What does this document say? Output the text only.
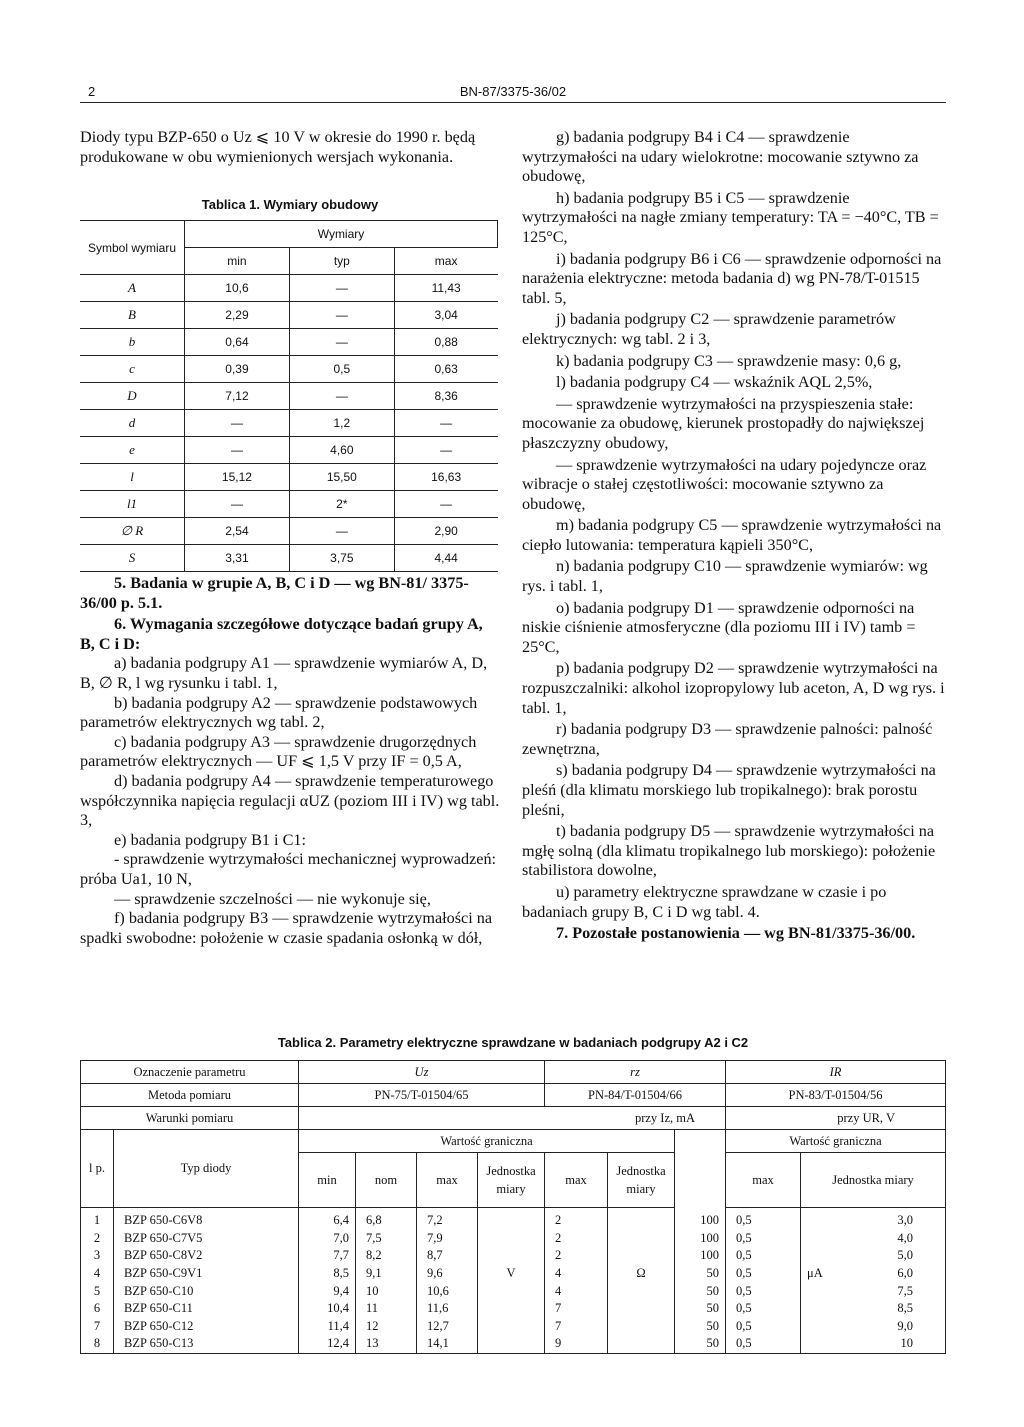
2	BN-87/3375-36/02

Diody typu BZP-650 o Uz ⩽ 10 V w okresie do 1990 r. będą produkowane w obu wymienionych wersjach wykonania.

Tablica 1. Wymiary obudowy
Symbol wymiaru	Wymiary		
	min	typ	max
A	10,6	—	11,43
B	2,29	—	3,04
b	0,64	—	0,88
c	0,39	0,5	0,63
D	7,12	—	8,36
d	—	1,2	—
e	—	4,60	—
l	15,12	15,50	16,63
l1	—	2*	—
∅ R	2,54	—	2,90
S	3,31	3,75	4,44

5. Badania w grupie A, B, C i D — wg BN-81/ 3375-36/00 p. 5.1.

6. Wymagania szczegółowe dotyczące badań grupy A, B, C i D:

a) badania podgrupy A1 — sprawdzenie wymiarów A, D, B, ∅ R, l wg rysunku i tabl. 1,

b) badania podgrupy A2 — sprawdzenie podstawowych parametrów elektrycznych wg tabl. 2,

c) badania podgrupy A3 — sprawdzenie drugorzędnych parametrów elektrycznych — UF ⩽ 1,5 V przy IF = 0,5 A,

d) badania podgrupy A4 — sprawdzenie temperaturowego współczynnika napięcia regulacji αUZ (poziom III i IV) wg tabl. 3,

e) badania podgrupy B1 i C1:

- sprawdzenie wytrzymałości mechanicznej wyprowadzeń: próba Ua1, 10 N,

— sprawdzenie szczelności — nie wykonuje się,

f) badania podgrupy B3 — sprawdzenie wytrzymałości na spadki swobodne: położenie w czasie spadania osłonką w dół,

g) badania podgrupy B4 i C4 — sprawdzenie wytrzymałości na udary wielokrotne: mocowanie sztywno za obudowę,

h) badania podgrupy B5 i C5 — sprawdzenie wytrzymałości na nagłe zmiany temperatury: TA = −40°C, TB = 125°C,

i) badania podgrupy B6 i C6 — sprawdzenie odporności na narażenia elektryczne: metoda badania d) wg PN-78/T-01515 tabl. 5,

j) badania podgrupy C2 — sprawdzenie parametrów elektrycznych: wg tabl. 2 i 3,

k) badania podgrupy C3 — sprawdzenie masy: 0,6 g,

l) badania podgrupy C4 — wskaźnik AQL 2,5%,

— sprawdzenie wytrzymałości na przyspieszenia stałe: mocowanie za obudowę, kierunek prostopadły do największej płaszczyzny obudowy,

— sprawdzenie wytrzymałości na udary pojedyncze oraz wibracje o stałej częstotliwości: mocowanie sztywno za obudowę,

m) badania podgrupy C5 — sprawdzenie wytrzymałości na ciepło lutowania: temperatura kąpieli 350°C,

n) badania podgrupy C10 — sprawdzenie wymiarów: wg rys. i tabl. 1,

o) badania podgrupy D1 — sprawdzenie odporności na niskie ciśnienie atmosferyczne (dla poziomu III i IV) tamb = 25°C,

p) badania podgrupy D2 — sprawdzenie wytrzymałości na rozpuszczalniki: alkohol izopropylowy lub aceton, A, D wg rys. i tabl. 1,

r) badania podgrupy D3 — sprawdzenie palności: palność zewnętrzna,

s) badania podgrupy D4 — sprawdzenie wytrzymałości na pleśń (dla klimatu morskiego lub tropikalnego): brak porostu pleśni,

t) badania podgrupy D5 — sprawdzenie wytrzymałości na mgłę solną (dla klimatu tropikalnego lub morskiego): położenie stabilistora dowolne,

u) parametry elektryczne sprawdzane w czasie i po badaniach grupy B, C i D wg tabl. 4.

7. Pozostałe postanowienia — wg BN-81/3375-36/00.

Tablica 2. Parametry elektryczne sprawdzane w badaniach podgrupy A2 i C2
Oznaczenie parametru		Uz				rz			IR	
Metoda pomiaru		PN-75/T-01504/65				PN-84/T-01504/66			PN-83/T-01504/56	
Warunki pomiaru		przy Iz, mA							przy UR, V	
l p.	Typ diody	Wartość graniczna							Wartość graniczna	
		min	nom	max	Jednostka miary	max	Jednostka miary		max	Jednostka miary
1	BZP 650-C6V8	6,4	6,8	7,2		2		100	0,5	3,0

2	BZP 650-C7V5	7,0	7,5	7,9		2		100	0,5	4,0

3	BZP 650-C8V2	7,7	8,2	8,7		2		100	0,5	5,0

4	BZP 650-C9V1	8,5	9,1	9,6	V	4	Ω	50	0,5	μA 6,0

5	BZP 650-C10	9,4	10	10,6		4		50	0,5	7,5

6	BZP 650-C11	10,4	11	11,6		7		50	0,5	8,5

7	BZP 650-C12	11,4	12	12,7		7		50	0,5	9,0

8	BZP 650-C13	12,4	13	14,1		9		50	0,5	10
